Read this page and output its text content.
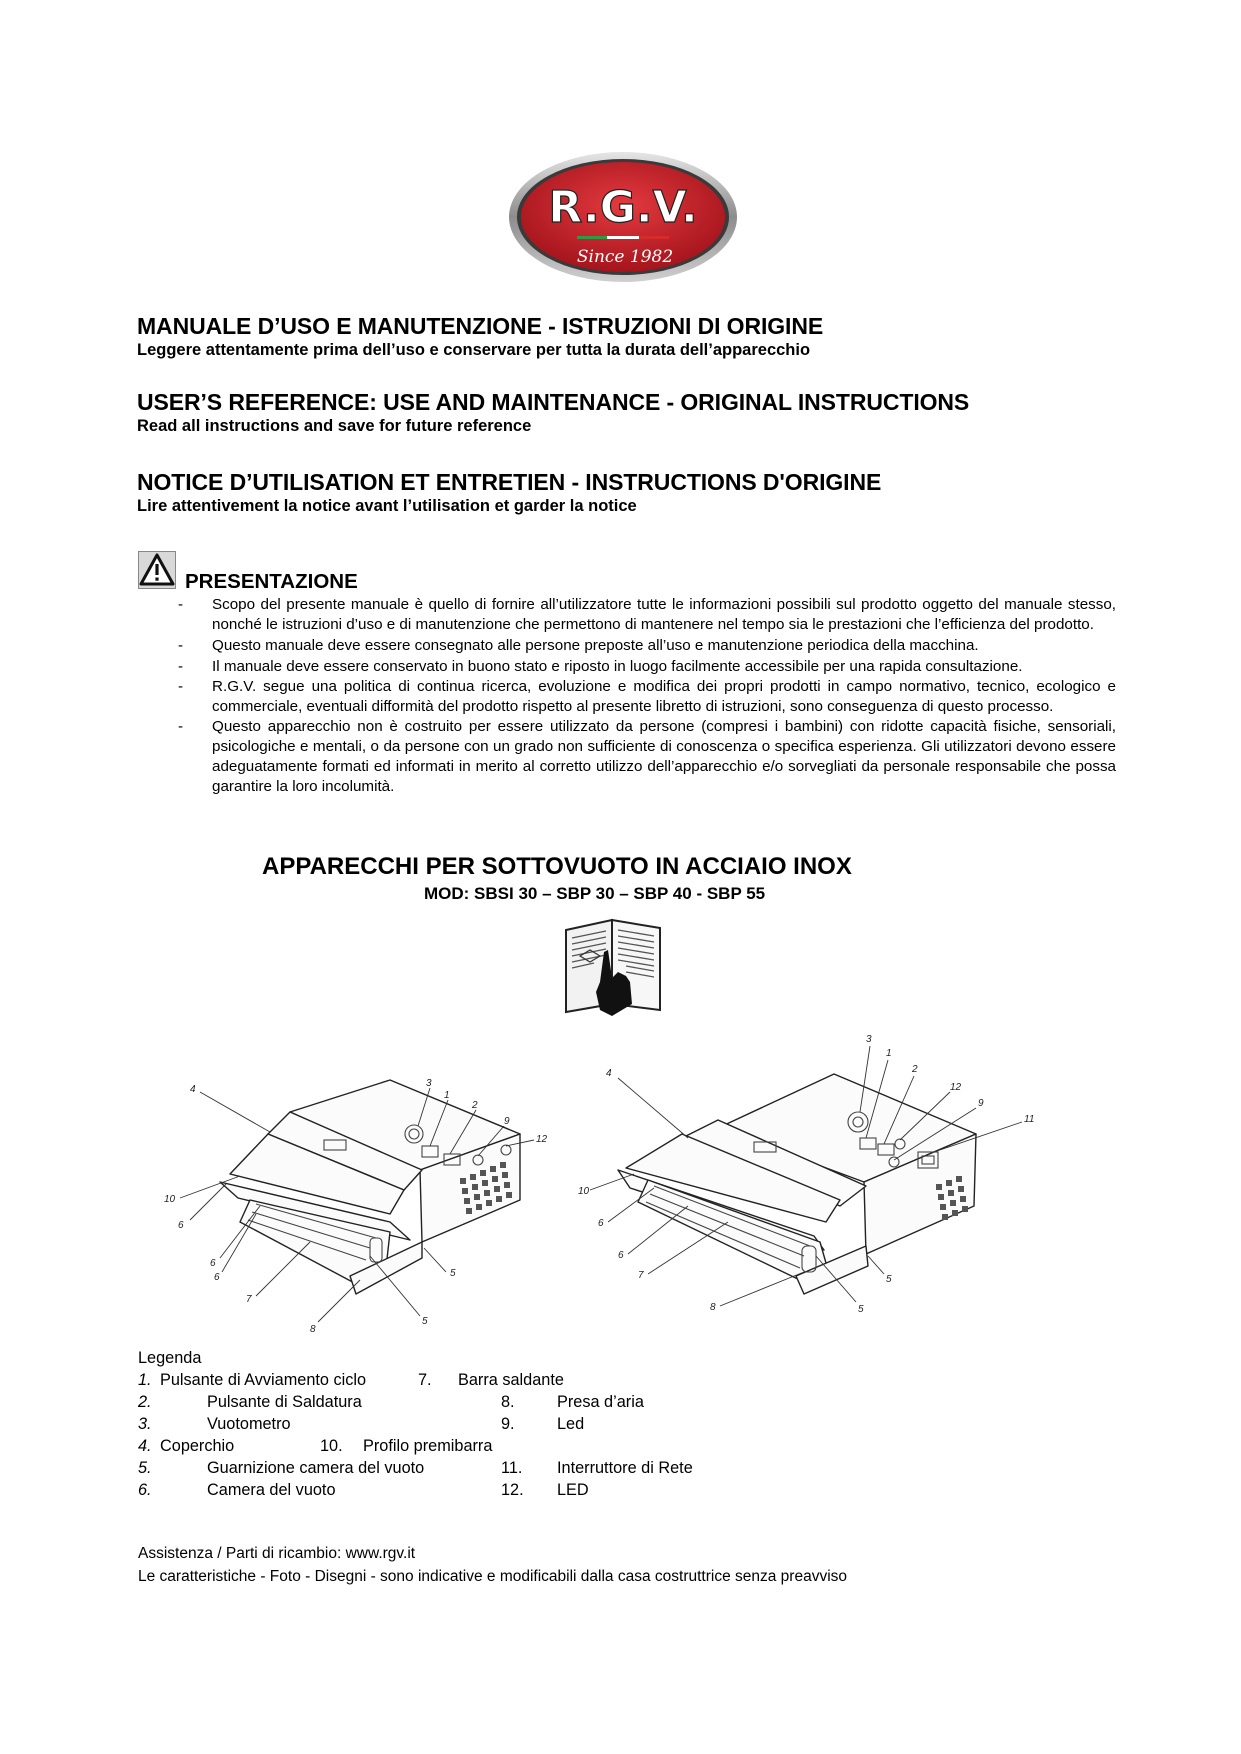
R.G.V.
Since 1982
MANUALE D’USO E MANUTENZIONE - ISTRUZIONI DI ORIGINE
Leggere attentamente prima dell’uso e conservare per tutta la durata dell’apparecchio
USER’S REFERENCE: USE AND MAINTENANCE - ORIGINAL INSTRUCTIONS
Read all instructions and save for future reference
NOTICE D’UTILISATION ET ENTRETIEN - INSTRUCTIONS D'ORIGINE
Lire attentivement la notice avant l’utilisation et garder la notice
PRESENTAZIONE
- Scopo del presente manuale è quello di fornire all’utilizzatore tutte le informazioni possibili sul prodotto oggetto del manuale stesso, nonché le istruzioni d’uso e di manutenzione che permettono di mantenere nel tempo sia le prestazioni che l’efficienza del prodotto.
- Questo manuale deve essere consegnato alle persone preposte all’uso e manutenzione periodica della macchina.
- Il manuale deve essere conservato in buono stato e riposto in luogo facilmente accessibile per una rapida consultazione.
- R.G.V. segue una politica di continua ricerca, evoluzione e modifica dei propri prodotti in campo normativo, tecnico, ecologico e commerciale, eventuali difformità del prodotto rispetto al presente libretto di istruzioni, sono conseguenza di questo processo.
- Questo apparecchio non è costruito per essere utilizzato da persone (compresi i bambini) con ridotte capacità fisiche, sensoriali, psicologiche e mentali, o da persone con un grado non sufficiente di conoscenza o specifica esperienza. Gli utilizzatori devono essere adeguatamente formati ed informati in merito al corretto utilizzo dell’apparecchio e/o sorvegliati da personale responsabile che possa garantire la loro incolumità.
APPARECCHI PER SOTTOVUOTO IN ACCIAIO INOX
MOD: SBSI 30 – SBP 30 – SBP 40 - SBP 55
3
1
2
9
12
4
10
6
6
6
7
8
5
5
3
1
2
12
9
11
4
10
6
6
7
8	5
5
Legenda
1. Pulsante di Avviamento ciclo	7. Barra saldante
2.	Pulsante di Saldatura	8.	Presa d’aria
3.	Vuotometro	9.	Led
4. Coperchio	10. Profilo premibarra
5.	Guarnizione camera del vuoto	11. Interruttore di Rete
6.	Camera del vuoto	12. LED
Assistenza / Parti di ricambio: www.rgv.it
Le caratteristiche - Foto - Disegni - sono indicative e modificabili dalla casa costruttrice senza preavviso
